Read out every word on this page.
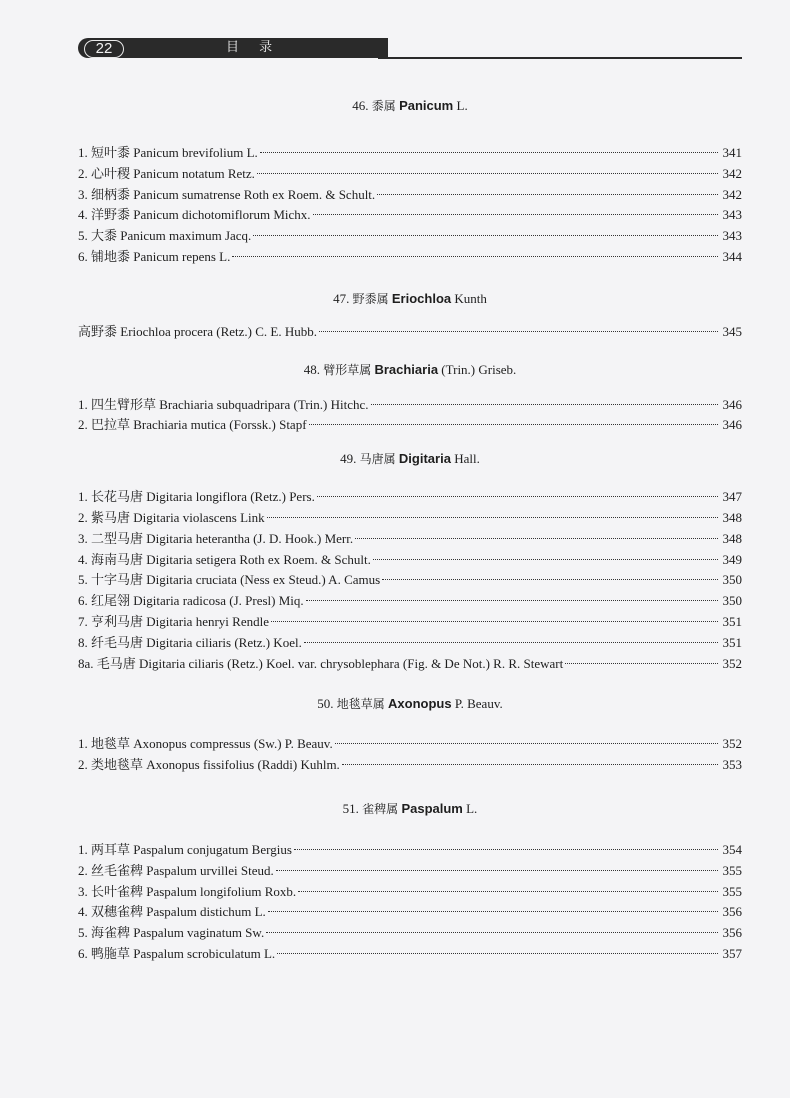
22	目 录
46. 黍属 Panicum L.
1. 短叶黍 Panicum brevifolium L.	341
2. 心叶稷 Panicum notatum Retz.	342
3. 细柄黍 Panicum sumatrense Roth ex Roem. & Schult.	342
4. 洋野黍 Panicum dichotomiflorum Michx.	343
5. 大黍 Panicum maximum Jacq.	343
6. 铺地黍 Panicum repens L.	344
47. 野黍属 Eriochloa Kunth
高野黍 Eriochloa procera (Retz.) C. E. Hubb.	345
48. 臂形草属 Brachiaria (Trin.) Griseb.
1. 四生臂形草 Brachiaria subquadripara (Trin.) Hitchc.	346
2. 巴拉草 Brachiaria mutica (Forssk.) Stapf	346
49. 马唐属 Digitaria Hall.
1. 长花马唐 Digitaria longiflora (Retz.) Pers.	347
2. 紫马唐 Digitaria violascens Link	348
3. 二型马唐 Digitaria heterantha (J. D. Hook.) Merr.	348
4. 海南马唐 Digitaria setigera Roth ex Roem. & Schult.	349
5. 十字马唐 Digitaria cruciata (Ness ex Steud.) A. Camus	350
6. 红尾翎 Digitaria radicosa (J. Presl) Miq.	350
7. 亨利马唐 Digitaria henryi Rendle	351
8. 纤毛马唐 Digitaria ciliaris (Retz.) Koel.	351
8a. 毛马唐 Digitaria ciliaris (Retz.) Koel. var. chrysoblephara (Fig. & De Not.) R. R. Stewart	352
50. 地毯草属 Axonopus P. Beauv.
1. 地毯草 Axonopus compressus (Sw.) P. Beauv.	352
2. 类地毯草 Axonopus fissifolius (Raddi) Kuhlm.	353
51. 雀稗属 Paspalum L.
1. 两耳草 Paspalum conjugatum Bergius	354
2. 丝毛雀稗 Paspalum urvillei Steud.	355
3. 长叶雀稗 Paspalum longifolium Roxb.	355
4. 双穗雀稗 Paspalum distichum L.	356
5. 海雀稗 Paspalum vaginatum Sw.	356
6. 鸭胣草 Paspalum scrobiculatum L.	357
